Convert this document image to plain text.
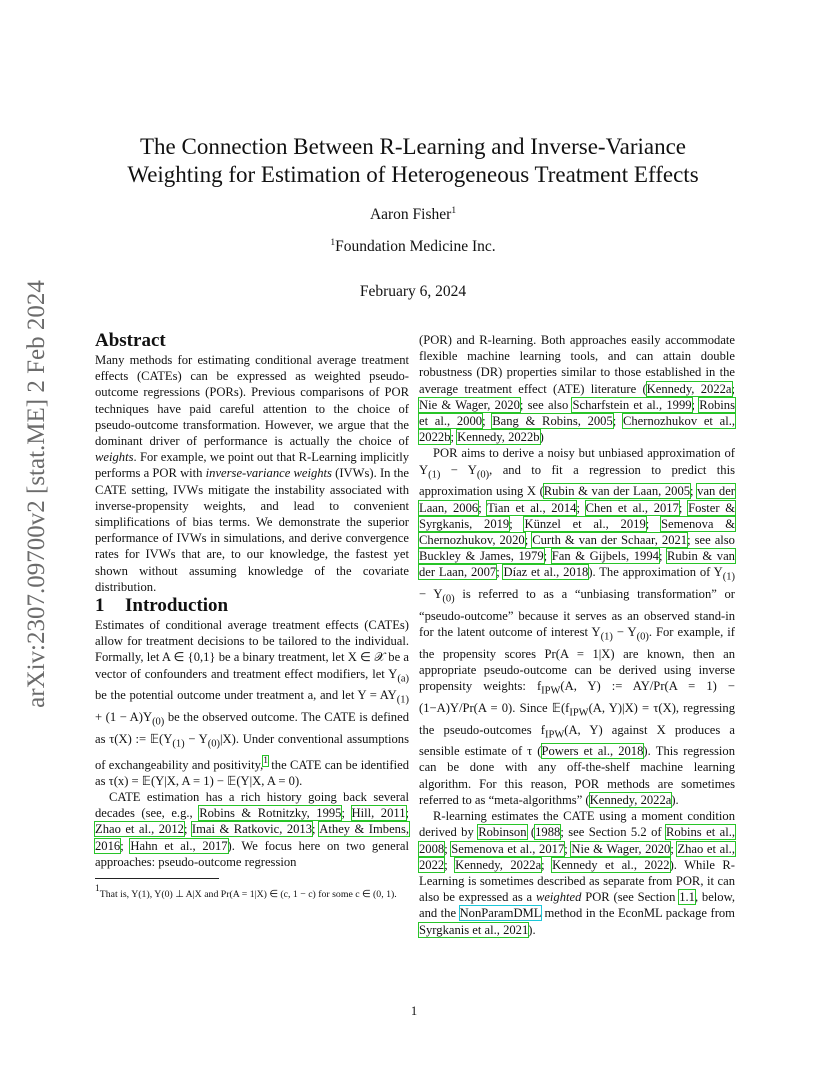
arXiv:2307.09700v2 [stat.ME] 2 Feb 2024
The Connection Between R-Learning and Inverse-Variance
Weighting for Estimation of Heterogeneous Treatment Effects
Aaron Fisher$^1$
$^1$Foundation Medicine Inc.
February 6, 2024
Abstract

Many methods for estimating conditional average treatment effects (CATEs) can be expressed as weighted pseudo-outcome regressions (PORs). Previous comparisons of POR techniques have paid careful attention to the choice of pseudo-outcome transformation. However, we argue that the dominant driver of performance is actually the choice of weights. For example, we point out that R-Learning implicitly performs a POR with inverse-variance weights (IVWs). In the CATE setting, IVWs mitigate the instability associated with inverse-propensity weights, and lead to convenient simplifications of bias terms. We demonstrate the superior performance of IVWs in simulations, and derive convergence rates for IVWs that are, to our knowledge, the fastest yet shown without assuming knowledge of the covariate distribution.

1 Introduction

Estimates of conditional average treatment effects (CATEs) allow for treatment decisions to be tailored to the individual. Formally, let A ∈ {0,1} be a binary treatment, let X ∈ 𝒳 be a vector of confounders and treatment effect modifiers, let $Y_{(a)}$ be the potential outcome under treatment a, and let $Y = AY_{(1)} + (1 - A)Y_{(0)}$ be the observed outcome. The CATE is defined as τ(X) := $𝔼(Y_{(1)} - Y_{(0)}|X)$. Under conventional assumptions of exchangeability and positivity,$^1$ the CATE can be identified as τ(x) = 𝔼(Y|X, A = 1) − 𝔼(Y|X, A = 0).

CATE estimation has a rich history going back several decades (see, e.g., Robins & Rotnitzky, 1995; Hill, 2011; Zhao et al., 2012; Imai & Ratkovic, 2013; Athey & Imbens, 2016; Hahn et al., 2017). We focus here on two general approaches: pseudo-outcome regression

$^1$That is, Y(1), Y(0) ⊥ A|X and Pr(A = 1|X) ∈ (c, 1 − c) for some c ∈ (0, 1).

(POR) and R-learning. Both approaches easily accommodate flexible machine learning tools, and can attain double robustness (DR) properties similar to those established in the average treatment effect (ATE) literature (Kennedy, 2022a; Nie & Wager, 2020; see also Scharfstein et al., 1999; Robins et al., 2000; Bang & Robins, 2005; Chernozhukov et al., 2022b; Kennedy, 2022b)

POR aims to derive a noisy but unbiased approximation of $Y_{(1)} - Y_{(0)}$, and to fit a regression to predict this approximation using X (Rubin & van der Laan, 2005; van der Laan, 2006; Tian et al., 2014; Chen et al., 2017; Foster & Syrgkanis, 2019; Künzel et al., 2019; Semenova & Chernozhukov, 2020; Curth & van der Schaar, 2021; see also Buckley & James, 1979; Fan & Gijbels, 1994; Rubin & van der Laan, 2007; Díaz et al., 2018). The approximation of $Y_{(1)} - Y_{(0)}$ is referred to as a “unbiasing transformation” or “pseudo-outcome” because it serves as an observed stand-in for the latent outcome of interest $Y_{(1)} - Y_{(0)}$. For example, if the propensity scores Pr(A = 1|X) are known, then an appropriate pseudo-outcome can be derived using inverse propensity weights: $f_{IPW}(A$, Y) := AY/Pr(A = 1) − (1−A)Y/Pr(A = 0). Since $𝔼(f_{IPW}(A$, Y)|X) = τ(X), regressing the pseudo-outcomes $f_{IPW}(A$, Y) against X produces a sensible estimate of τ (Powers et al., 2018). This regression can be done with any off-the-shelf machine learning algorithm. For this reason, POR methods are sometimes referred to as “meta-algorithms” (Kennedy, 2022a).

R-learning estimates the CATE using a moment condition derived by Robinson (1988; see Section 5.2 of Robins et al., 2008; Semenova et al., 2017; Nie & Wager, 2020; Zhao et al., 2022; Kennedy, 2022a; Kennedy et al., 2022). While R-Learning is sometimes described as separate from POR, it can also be expressed as a weighted POR (see Section 1.1, below, and the NonParamDML method in the EconML package from Syrgkanis et al., 2021).

1
